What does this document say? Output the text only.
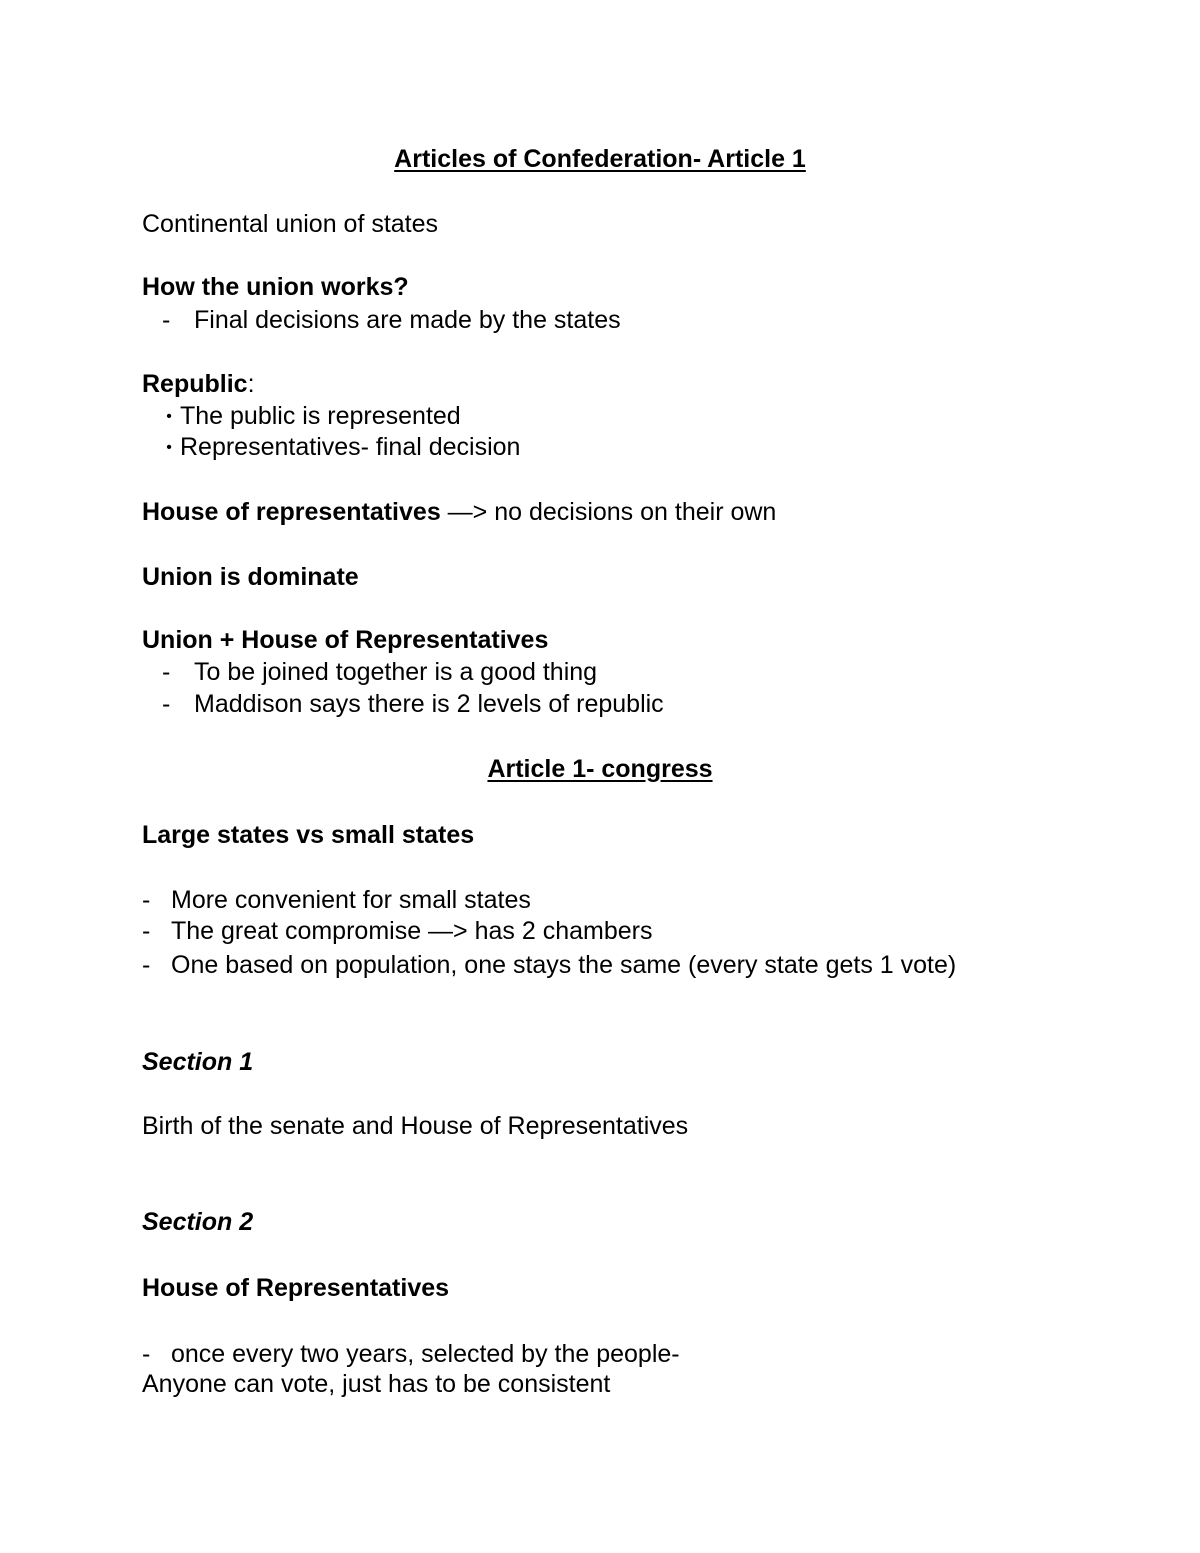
Articles of Confederation- Article 1
Continental union of states
How the union works?
- Final decisions are made by the states
Republic:
• The public is represented
• Representatives- final decision
House of representatives —> no decisions on their own
Union is dominate
Union + House of Representatives
- To be joined together is a good thing
- Maddison says there is 2 levels of republic
Article 1- congress
Large states vs small states
- More convenient for small states
- The great compromise —> has 2 chambers
- One based on population, one stays the same (every state gets 1 vote)
Section 1
Birth of the senate and House of Representatives
Section 2
House of Representatives
- once every two years, selected by the people-
Anyone can vote, just has to be consistent
